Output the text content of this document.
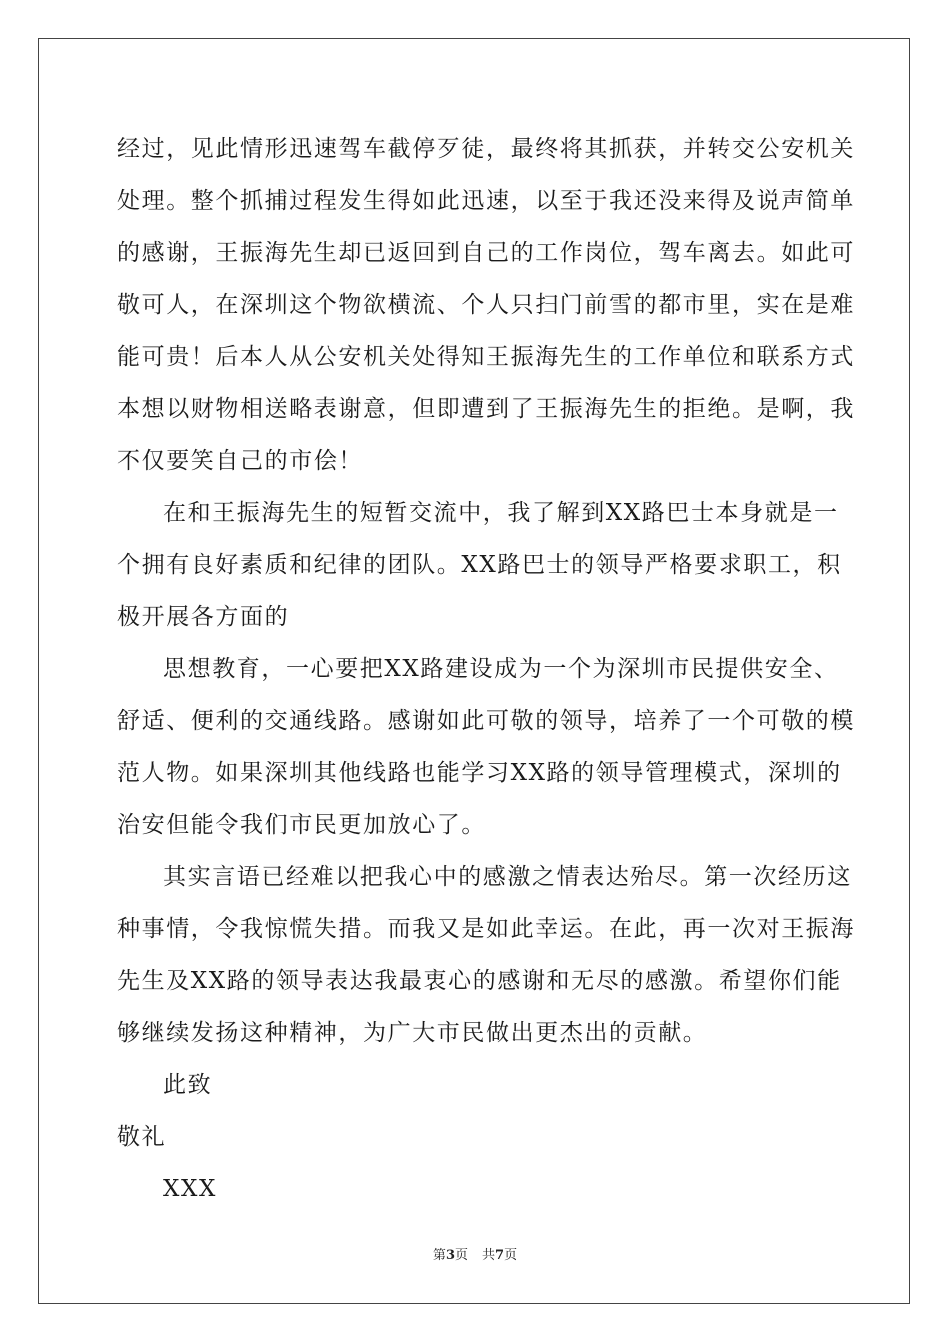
经过，见此情形迅速驾车截停歹徒，最终将其抓获，并转交公安机关
处理。整个抓捕过程发生得如此迅速，以至于我还没来得及说声简单
的感谢，王振海先生却已返回到自己的工作岗位，驾车离去。如此可
敬可人，在深圳这个物欲横流、个人只扫门前雪的都市里，实在是难
能可贵！后本人从公安机关处得知王振海先生的工作单位和联系方式
本想以财物相送略表谢意，但即遭到了王振海先生的拒绝。是啊，我
不仅要笑自己的市侩！
在和王振海先生的短暂交流中，我了解到XX路巴士本身就是一
个拥有良好素质和纪律的团队。XX路巴士的领导严格要求职工，积
极开展各方面的
思想教育，一心要把XX路建设成为一个为深圳市民提供安全、
舒适、便利的交通线路。感谢如此可敬的领导，培养了一个可敬的模
范人物。如果深圳其他线路也能学习XX路的领导管理模式，深圳的
治安但能令我们市民更加放心了。
其实言语已经难以把我心中的感激之情表达殆尽。第一次经历这
种事情，令我惊慌失措。而我又是如此幸运。在此，再一次对王振海
先生及XX路的领导表达我最衷心的感谢和无尽的感激。希望你们能
够继续发扬这种精神，为广大市民做出更杰出的贡献。
此致
敬礼
XXX
第3页 共7页
